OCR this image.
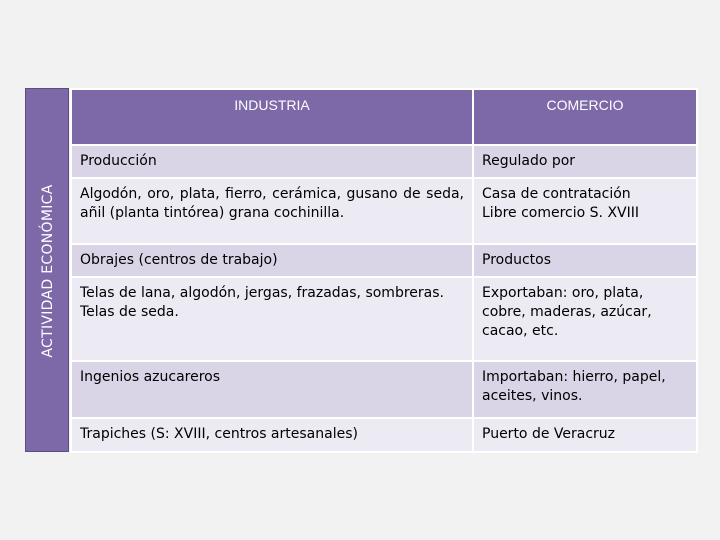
ACTIVIDAD ECONÓMICA
INDUSTRIA	COMERCIO
Producción	Regulado por
Algodón, oro, plata, fierro, cerámica, gusano de seda, añil (planta tintórea) grana cochinilla.	Casa de contratación
Libre comercio S. XVIII
Obrajes (centros de trabajo)	Productos
Telas de lana, algodón, jergas, frazadas, sombreras. Telas de seda.	Exportaban: oro, plata, cobre, maderas, azúcar, cacao, etc.
Ingenios azucareros	Importaban: hierro, papel, aceites, vinos.
Trapiches (S: XVIII, centros artesanales)	Puerto de Veracruz
